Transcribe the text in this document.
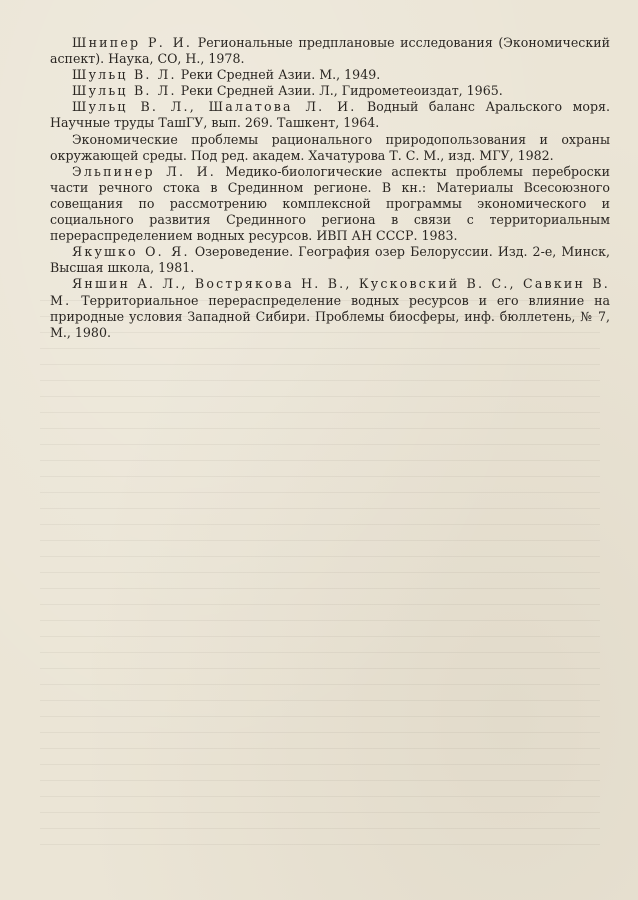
Шнипер Р. И. Региональные предплановые исследования (Экономический аспект). Наука, СО, Н., 1978.

Шульц В. Л. Реки Средней Азии. М., 1949.

Шульц В. Л. Реки Средней Азии. Л., Гидрометеоиздат, 1965.

Шульц В. Л., Шалатова Л. И. Водный баланс Аральского моря. Научные труды ТашГУ, вып. 269. Ташкент, 1964.

Экономические проблемы рационального природопользования и охраны окружающей среды. Под ред. академ. Хачатурова Т. С. М., изд. МГУ, 1982.

Эльпинер Л. И. Медико-биологические аспекты проблемы переброски части речного стока в Срединном регионе. В кн.: Материалы Всесоюзного совещания по рассмотрению комплексной программы экономического и социального развития Срединного региона в связи с территориальным перераспределением водных ресурсов. ИВП АН СССР. 1983.

Якушко О. Я. Озероведение. География озер Белоруссии. Изд. 2-е, Минск, Высшая школа, 1981.

Яншин А. Л., Вострякова Н. В., Кусковский В. С., Савкин В. М. Территориальное перераспределение водных ресурсов и его влияние на природные условия Западной Сибири. Проблемы биосферы, инф. бюллетень, № 7, М., 1980.
